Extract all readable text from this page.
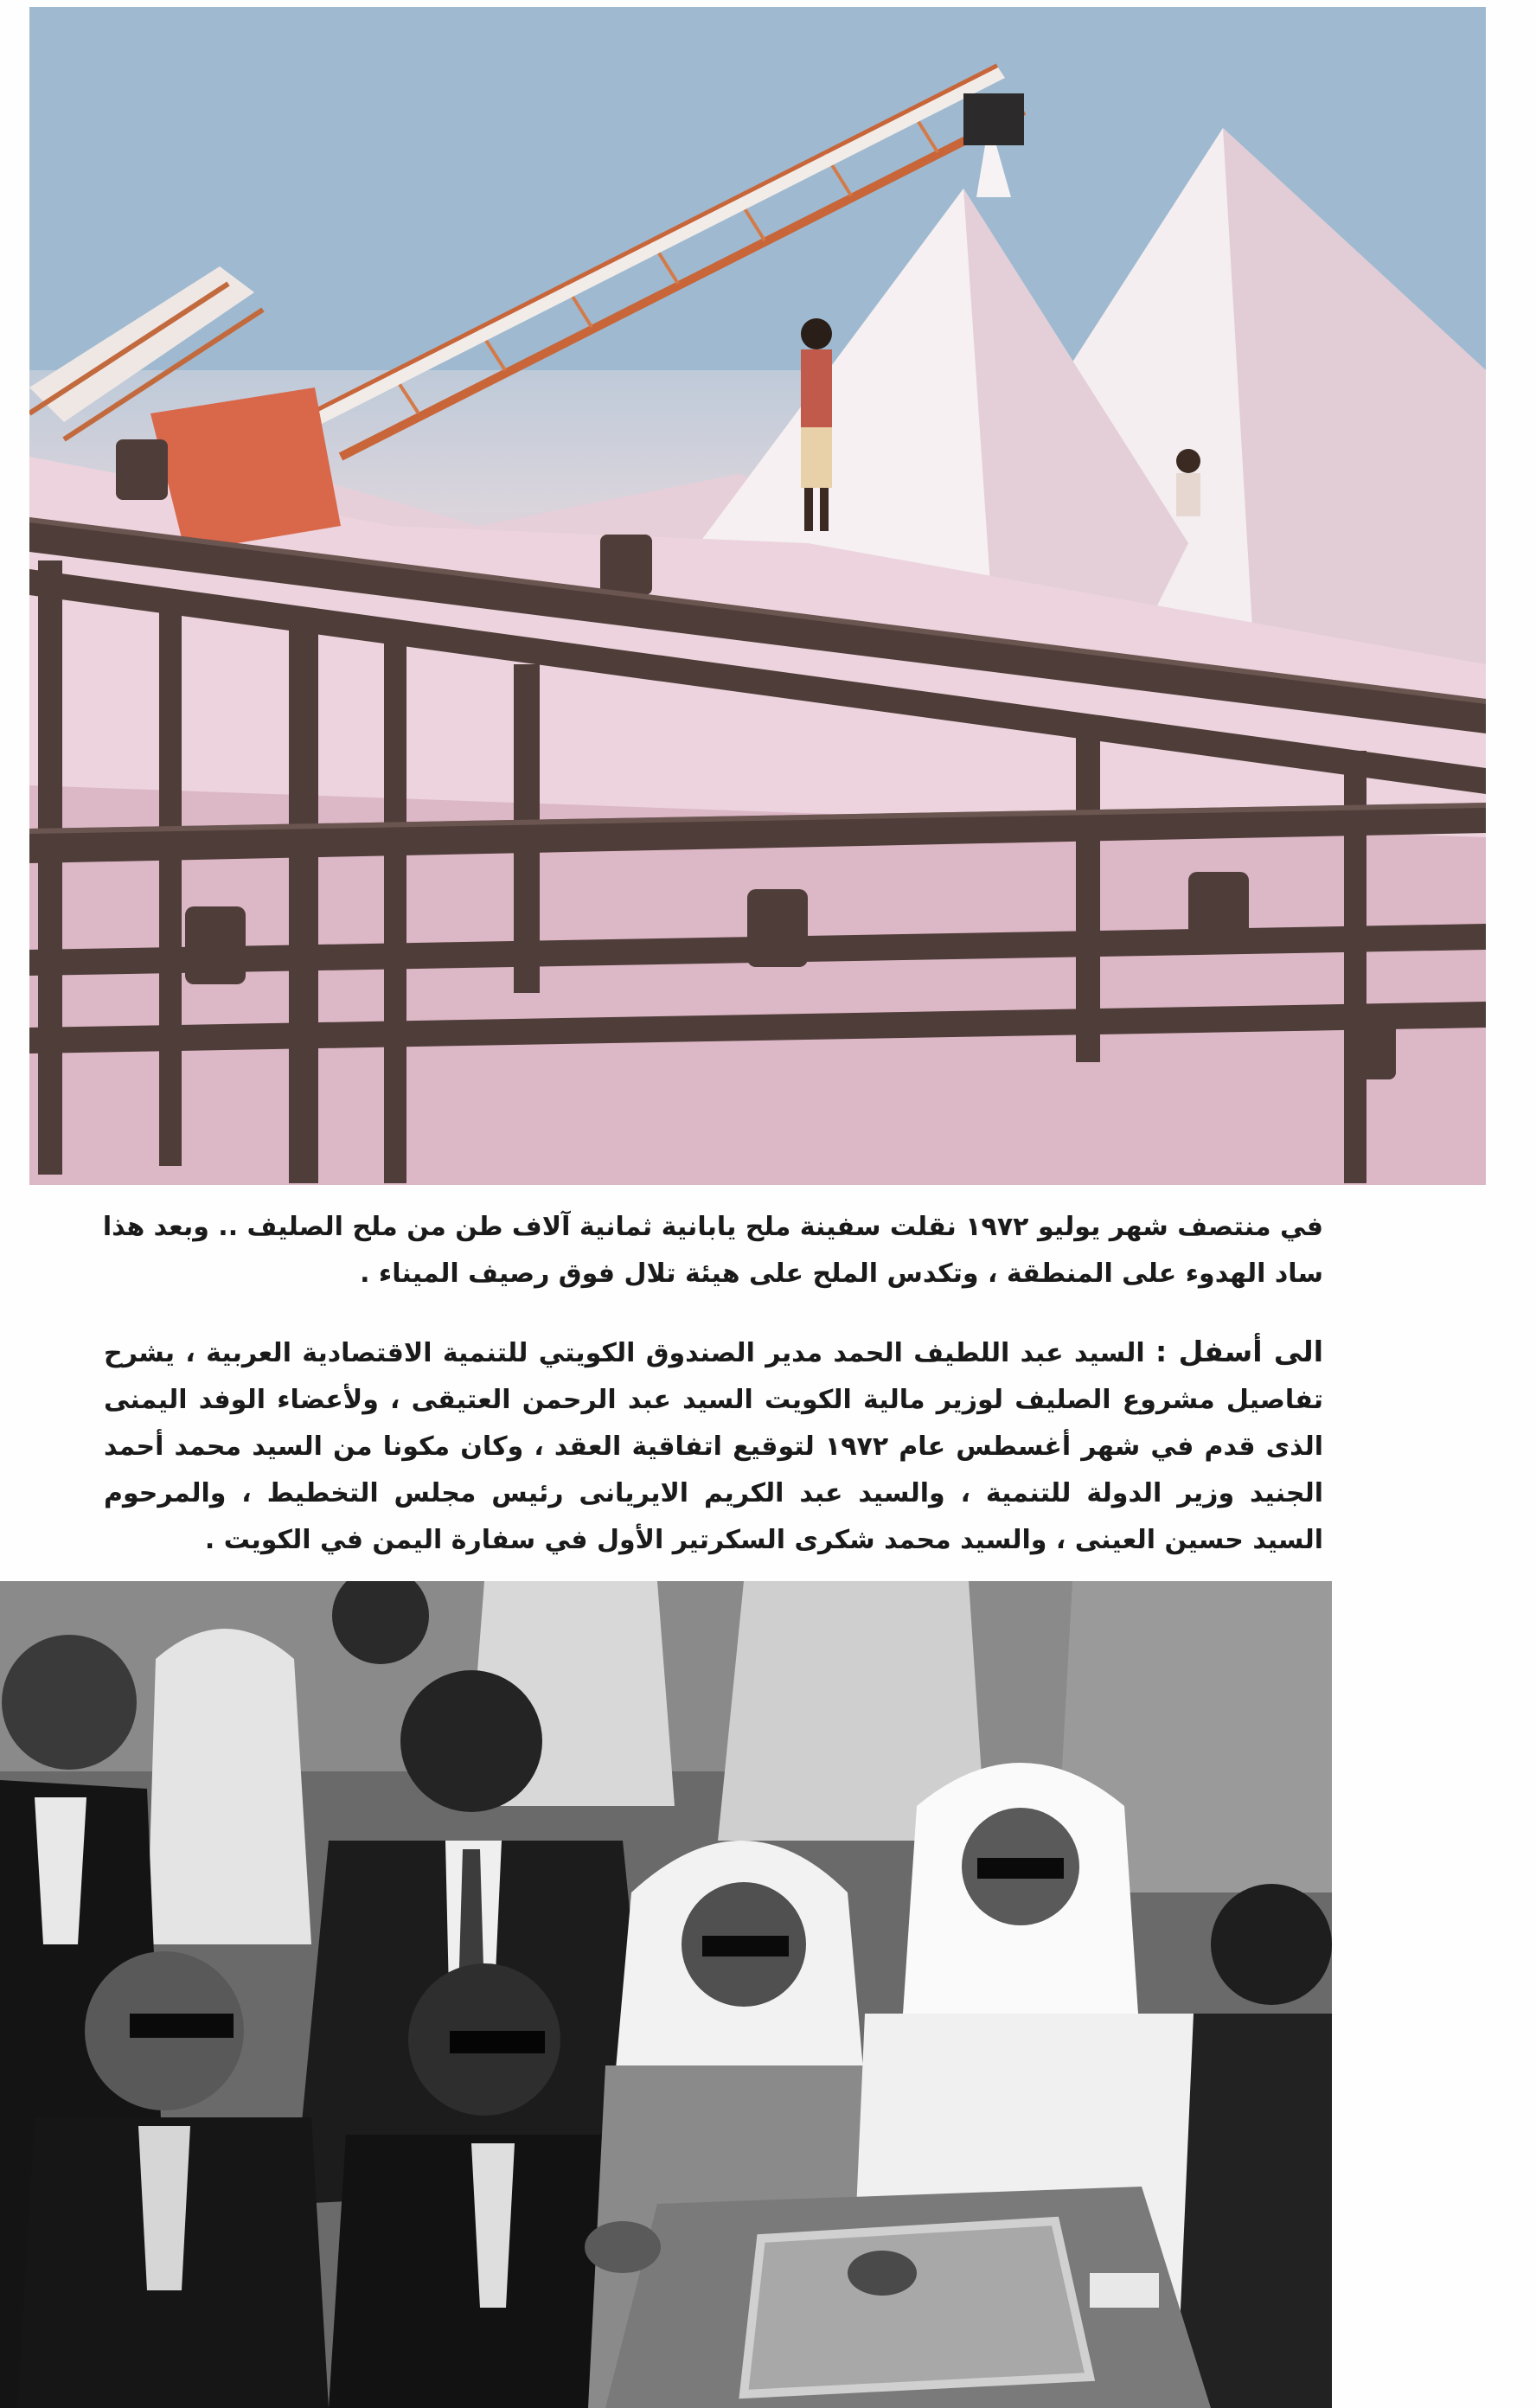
في منتصف شهر يوليو ١٩٧٢ نقلت سفينة ملح يابانية ثمانية آلاف طن من ملح الصليف .. وبعد هذا
ساد الهدوء على المنطقة ، وتكدس الملح على هيئة تلال فوق رصيف الميناء .
الى أسفل : السيد عبد اللطيف الحمد مدير الصندوق الكويتي للتنمية الاقتصادية العربية ، يشرح
تفاصيل مشروع الصليف لوزير مالية الكويت السيد عبد الرحمن العتيقى ، ولأعضاء الوفد اليمنى
الذى قدم في شهر أغسطس عام ١٩٧٢ لتوقيع اتفاقية العقد ، وكان مكونا من السيد محمد أحمد
الجنيد وزير الدولة للتنمية ، والسيد عبد الكريم الايريانى رئيس مجلس التخطيط ، والمرحوم
السيد حسين العينى ، والسيد محمد شكرى السكرتير الأول في سفارة اليمن في الكويت .
